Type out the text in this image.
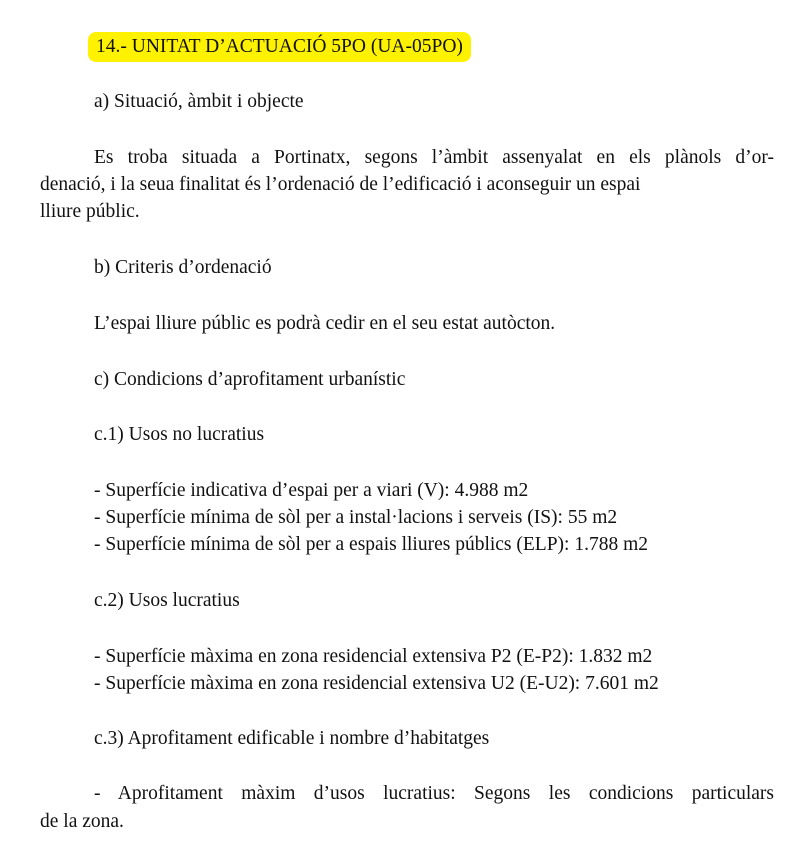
14.- UNITAT D’ACTUACIÓ 5PO (UA-05PO)
a) Situació, àmbit i objecte
Es troba situada a Portinatx, segons l’àmbit assenyalat en els plànols d’or-
denació, i la seua finalitat és l’ordenació de l’edificació i aconseguir un espai
lliure públic.
b) Criteris d’ordenació
L’espai lliure públic es podrà cedir en el seu estat autòcton.
c) Condicions d’aprofitament urbanístic
c.1) Usos no lucratius
- Superfície indicativa d’espai per a viari (V): 4.988 m2
- Superfície mínima de sòl per a instal·lacions i serveis (IS): 55 m2
- Superfície mínima de sòl per a espais lliures públics (ELP): 1.788 m2
c.2) Usos lucratius
- Superfície màxima en zona residencial extensiva P2 (E-P2): 1.832 m2
- Superfície màxima en zona residencial extensiva U2 (E-U2): 7.601 m2
c.3) Aprofitament edificable i nombre d’habitatges
- Aprofitament màxim d’usos lucratius: Segons les condicions particulars
de la zona.
